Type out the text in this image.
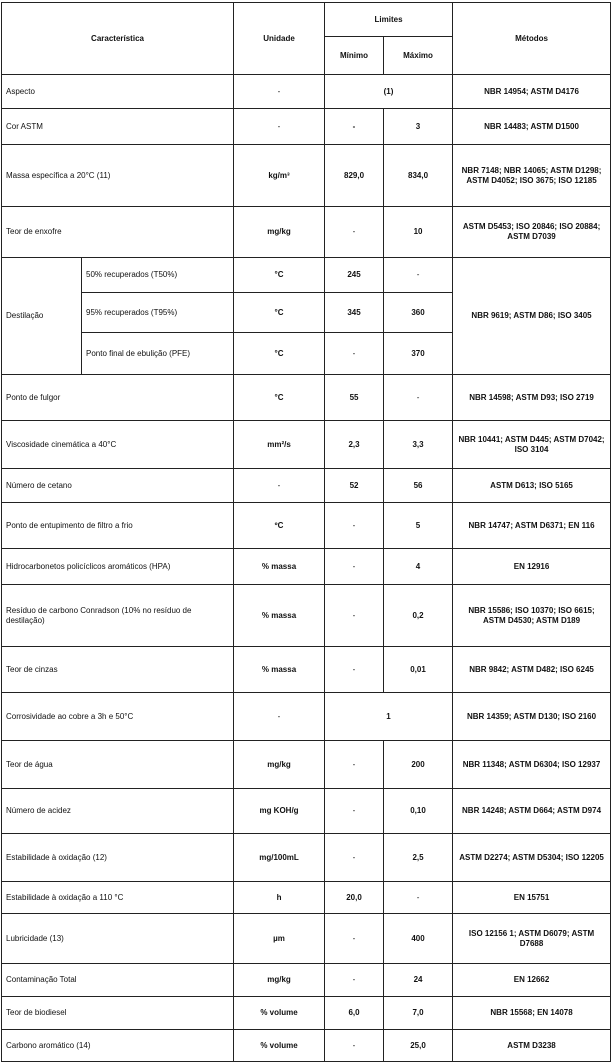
Característica		Unidade	Limites		Métodos
			Mínimo	Máximo	
Aspecto		-	(1)		NBR 14954; ASTM D4176
Cor ASTM		-	-	3	NBR 14483; ASTM D1500
Massa específica a 20°C (11)		kg/m³	829,0	834,0	NBR 7148; NBR 14065; ASTM D1298; ASTM D4052; ISO 3675; ISO 12185
Teor de enxofre		mg/kg	-	10	ASTM D5453; ISO 20846; ISO 20884; ASTM D7039
Destilação	50% recuperados (T50%)	°C	245	-	NBR 9619; ASTM D86; ISO 3405
	95% recuperados (T95%)	°C	345	360	
	Ponto final de ebulição (PFE)	°C	-	370	
Ponto de fulgor		°C	55	-	NBR 14598; ASTM D93; ISO 2719
Viscosidade cinemática a 40°C		mm²/s	2,3	3,3	NBR 10441; ASTM D445; ASTM D7042; ISO 3104
Número de cetano		-	52	56	ASTM D613; ISO 5165
Ponto de entupimento de filtro a frio		ºC	-	5	NBR 14747; ASTM D6371; EN 116
Hidrocarbonetos policíclicos aromáticos (HPA)		% massa	-	4	EN 12916
Resíduo de carbono Conradson (10% no resíduo de destilação)		% massa	-	0,2	NBR 15586; ISO 10370; ISO 6615; ASTM D4530; ASTM D189
Teor de cinzas		% massa	-	0,01	NBR 9842; ASTM D482; ISO 6245
Corrosividade ao cobre a 3h e 50°C		-	1		NBR 14359; ASTM D130; ISO 2160
Teor de água		mg/kg	-	200	NBR 11348; ASTM D6304; ISO 12937
Número de acidez		mg KOH/g	-	0,10	NBR 14248; ASTM D664; ASTM D974
Estabilidade à oxidação (12)		mg/100mL	-	2,5	ASTM D2274; ASTM D5304; ISO 12205
Estabilidade à oxidação a 110 °C		h	20,0	-	EN 15751
Lubricidade (13)		µm	-	400	ISO 12156 1; ASTM D6079; ASTM D7688
Contaminação Total		mg/kg	-	24	EN 12662
Teor de biodiesel		% volume	6,0	7,0	NBR 15568; EN 14078
Carbono aromático (14)		% volume	-	25,0	ASTM D3238
